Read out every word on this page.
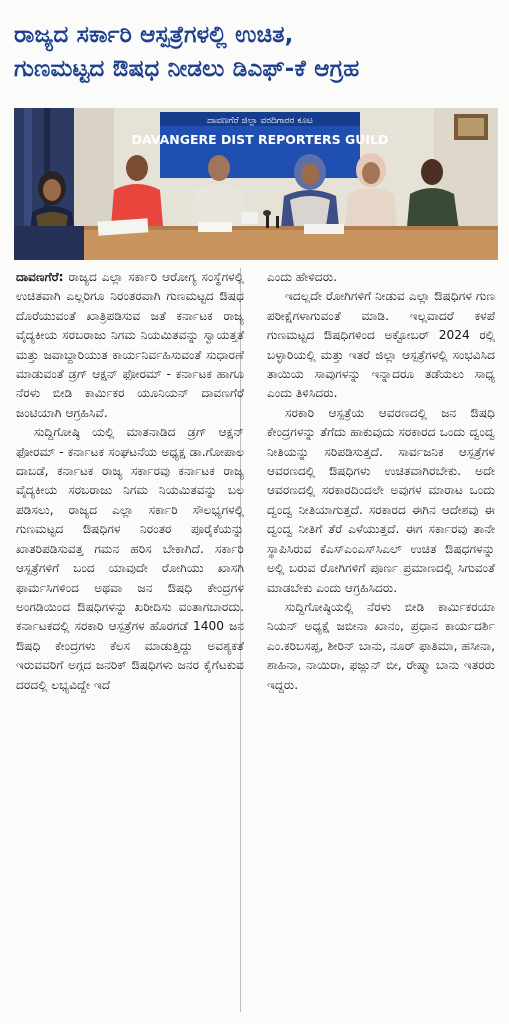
ರಾಜ್ಯದ ಸರ್ಕಾರಿ ಆಸ್ಪತ್ರೆಗಳಲ್ಲಿ ಉಚಿತ,
ಗುಣಮಟ್ಟದ ಔಷಧ ನೀಡಲು ಡಿಎಫ್-ಕೆ ಆಗ್ರಹ
ದಾವಣಗೆರೆ ಜಿಲ್ಲಾ ವರದಿಗಾರರ ಕೂಟ
DAVANGERE DIST REPORTERS GUILD

ದಾವಣಗೆರೆ: ರಾಜ್ಯದ ಎಲ್ಲಾ ಸರ್ಕಾರಿ ಆರೋಗ್ಯ ಸಂಸ್ಥೆಗಳಲ್ಲಿ ಉಚಿತವಾಗಿ ಎಲ್ಲರಿಗೂ ನಿರಂತರವಾಗಿ ಗುಣಮಟ್ಟದ ಔಷಧ ದೊರೆಯುವಂತೆ ಖಾತ್ರಿಪಡಿಸುವ ಜತೆ ಕರ್ನಾಟಕ ರಾಜ್ಯ ವೈದ್ಯಕೀಯ ಸರಬರಾಜು ನಿಗಮ ನಿಯಮಿತವನ್ನು ಸ್ವಾಯತ್ತತೆ ಮತ್ತು ಜವಾಬ್ದಾರಿಯುತ ಕಾರ್ಯನಿರ್ವಹಿಸುವಂತೆ ಸುಧಾರಣೆ ಮಾಡುವಂತೆ ಡ್ರಗ್ ಆಕ್ಷನ್ ಫೋರಮ್ - ಕರ್ನಾಟಕ ಹಾಗೂ ನೆರಳು ಬೀಡಿ ಕಾರ್ಮಿಕರ ಯೂನಿಯನ್ ದಾವಣಗೆರೆ ಜಂಟಿಯಾಗಿ ಆಗ್ರಹಿಸಿವೆ.

ಸುದ್ದಿಗೋಷ್ಠಿ ಯಲ್ಲಿ ಮಾತನಾಡಿದ ಡ್ರಗ್ ಆಕ್ಷನ್ ಫೋರಮ್ - ಕರ್ನಾಟಕ ಸಂಘಟನೆಯ ಅಧ್ಯಕ್ಷ ಡಾ.ಗೋಪಾಲ ದಾಬಡೆ, ಕರ್ನಾಟಕ ರಾಜ್ಯ ಸರ್ಕಾರವು ಕರ್ನಾಟಕ ರಾಜ್ಯ ವೈದ್ಯಕೀಯ ಸರಬರಾಜು ನಿಗಮ ನಿಯಮಿತವನ್ನು ಬಲ ಪಡಿಸಲು, ರಾಜ್ಯದ ಎಲ್ಲಾ ಸರ್ಕಾರಿ ಸೌಲಭ್ಯಗಳಲ್ಲಿ ಗುಣಮಟ್ಟದ ಔಷಧಿಗಳ ನಿರಂತರ ಪೂರೈಕೆಯನ್ನು ಖಾತರಿಪಡಿಸುವತ್ತ ಗಮನ ಹರಿಸ ಬೇಕಾಗಿದೆ. ಸರ್ಕಾರಿ ಆಸ್ಪತ್ರೆಗಳಿಗೆ ಬಂದ ಯಾವುದೇ ರೋಗಿಯು ಖಾಸಗಿ ಫಾರ್ಮಸಿಗಳಿಂದ ಅಥವಾ ಜನ ಔಷಧಿ ಕೇಂದ್ರಗಳ ಅಂಗಡಿಯಿಂದ ಔಷಧಿಗಳನ್ನು ಖರೀದಿಸು ವಂತಾಗಬಾರದು. ಕರ್ನಾಟಕದಲ್ಲಿ ಸರಕಾರಿ ಆಸ್ಪತ್ರೆಗಳ ಹೊರಗಡೆ 1400 ಜನ ಔಷಧಿ ಕೇಂದ್ರಗಳು ಕೆಲಸ ಮಾಡುತ್ತಿದ್ದು ಅವಶ್ಯಕತೆ ಇರುವವರಿಗೆ ಅಗ್ಗದ ಜನರಿಕ್ ಔಷಧಿಗಳು ಜನರ ಕೈಗೆಟಕುವ ದರದಲ್ಲಿ ಲಭ್ಯವಿದ್ದೇ ಇದೆ

ಎಂದು ಹೇಳಿದರು.

ಇದಲ್ಲದೇ ರೋಗಿಗಳಿಗೆ ನೀಡುವ ಎಲ್ಲಾ ಔಷಧಿಗಳ ಗುಣ ಪರೀಕ್ಷೆಗಳಾಗುವಂತೆ ಮಾಡಿ. ಇಲ್ಲವಾದರೆ ಕಳಪೆ ಗುಣಮಟ್ಟದ ಔಷಧಿಗಳಿಂದ ಅಕ್ಟೋಬರ್ 2024 ರಲ್ಲಿ ಬಳ್ಳಾರಿಯಲ್ಲಿ ಮತ್ತು ಇತರೆ ಜಿಲ್ಲಾ ಆಸ್ಪತ್ರೆಗಳಲ್ಲಿ ಸಂಭವಿಸಿದ ತಾಯಿಯ ಸಾವುಗಳನ್ನು ಇನ್ನಾದರೂ ತಡೆಯಲು ಸಾಧ್ಯ ಎಂದು ತಿಳಿಸಿದರು.

ಸರಕಾರಿ ಆಸ್ಪತ್ರೆಯ ಆವರಣದಲ್ಲಿ ಜನ ಔಷಧಿ ಕೇಂದ್ರಗಳನ್ನು ತೆಗೆದು ಹಾಕುವುದು ಸರಕಾರದ ಒಂದು ದ್ವಂದ್ವ ನೀತಿಯನ್ನು ಸರಿಪಡಿಸುತ್ತದೆ. ಸಾರ್ವಜನಿಕ ಆಸ್ಪತ್ರೆಗಳ ಆವರಣದಲ್ಲಿ ಔಷಧಿಗಳು ಉಚಿತವಾಗಿರಬೇಕು. ಅದೇ ಆವರಣದಲ್ಲಿ ಸರಕಾರದಿಂದಲೇ ಅವುಗಳ ಮಾರಾಟ ಒಂದು ದ್ವಂದ್ವ ನೀತಿಯಾಗುತ್ತದೆ. ಸರಕಾರದ ಈಗಿನ ಆದೇಶವು ಈ ದ್ವಂದ್ವ ನೀತಿಗೆ ತೆರೆ ಎಳೆಯುತ್ತದೆ. ಈಗ ಸರ್ಕಾರವು ತಾನೇ ಸ್ಥಾಪಿಸಿರುವ ಕೆಎಸ್‌ಎಂಎಸ್‌ಸಿಎಲ್ ಉಚಿತ ಔಷಧಗಳನ್ನು ಅಲ್ಲಿ ಬರುವ ರೋಗಿಗಳಿಗೆ ಪೂರ್ಣ ಪ್ರಮಾಣದಲ್ಲಿ ಸಿಗುವಂತೆ ಮಾಡಬೇಕು ಎಂದು ಆಗ್ರಹಿಸಿದರು.

ಸುದ್ದಿಗೋಷ್ಠಿಯಲ್ಲಿ ನೆರಳು ಬೀಡಿ ಕಾರ್ಮಿಕರಯಾ ನಿಯನ್ ಅಧ್ಯಕ್ಷೆ ಜಬೀನಾ ಖಾನಂ, ಪ್ರಧಾನ ಕಾರ್ಯದರ್ಶಿ ಎಂ.ಕರಿಬಸಪ್ಪ, ಶೀರಿನ್ ಬಾನು, ನೂರ್ ಫಾತಿಮಾ, ಹಸೀನಾ, ಶಾಹಿನಾ, ನಾಯಿರಾ, ಫಜ್ಲುನ್ ಬೀ, ರೇಷ್ಮಾ ಬಾನು ಇತರರು ಇದ್ದರು.
